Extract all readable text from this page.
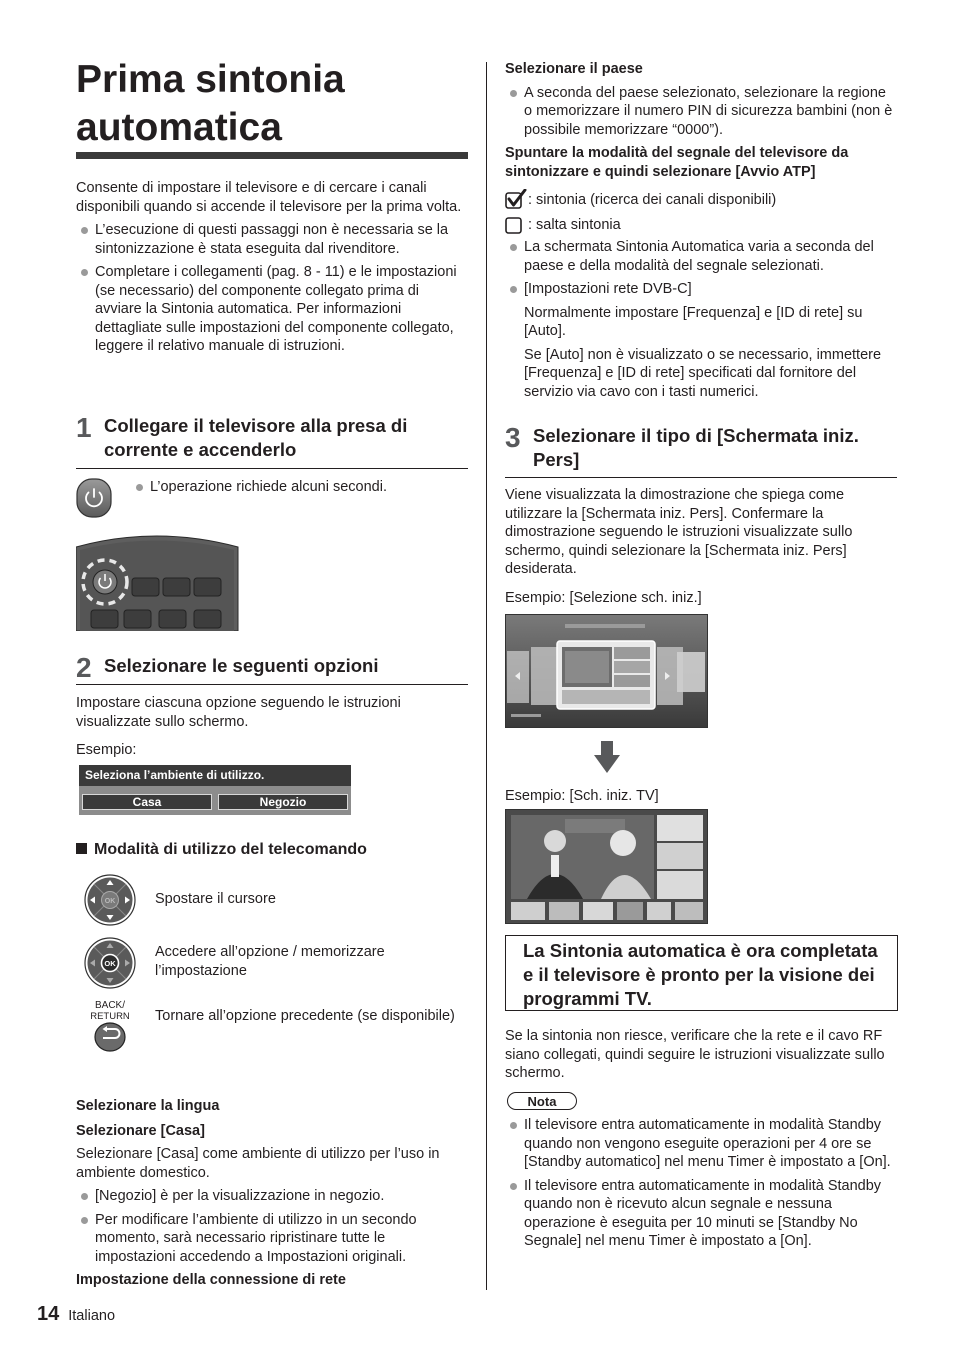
Prima sintonia
automatica

Consente di impostare il televisore e di cercare i canali disponibili quando si accende il televisore per la prima volta.

L’esecuzione di questi passaggi non è necessaria se la sintonizzazione è stata eseguita dal rivenditore.
Completare i collegamenti (pag. 8 - 11) e le impostazioni (se necessario) del componente collegato prima di avviare la Sintonia automatica. Per informazioni dettagliate sulle impostazioni del componente collegato, leggere il relativo manuale di istruzioni.
1 Collegare il televisore alla presa di corrente e accenderlo
L’operazione richiede alcuni secondi.
2 Selezionare le seguenti opzioni

Impostare ciascuna opzione seguendo le istruzioni visualizzate sullo schermo.

Esempio:

Seleziona l’ambiente di utilizzo.
Casa	Negozio
Modalità di utilizzo del telecomando
OK	Spostare il cursore
OK
Accedere all’opzione / memorizzare l’impostazione
BACK/
RETURN Tornare all’opzione precedente (se disponibile)

Selezionare la lingua

Selezionare [Casa]

Selezionare [Casa] come ambiente di utilizzo per l’uso in ambiente domestico.

[Negozio] è per la visualizzazione in negozio.
Per modificare l’ambiente di utilizzo in un secondo momento, sarà necessario ripristinare tutte le impostazioni accedendo a Impostazioni originali.

Impostazione della connessione di rete

Selezionare il paese

A seconda del paese selezionato, selezionare la regione o memorizzare il numero PIN di sicurezza bambini (non è possibile memorizzare “0000”).

Spuntare la modalità del segnale del televisore da sintonizzare e quindi selezionare [Avvio ATP]

: sintonia (ricerca dei canali disponibili)
: salta sintonia
La schermata Sintonia Automatica varia a seconda del paese e della modalità del segnale selezionati.
[Impostazioni rete DVB-C]

Normalmente impostare [Frequenza] e [ID di rete] su [Auto].

Se [Auto] non è visualizzato o se necessario, immettere [Frequenza] e [ID di rete] specificati dal fornitore del servizio via cavo con i tasti numerici.

3 Selezionare il tipo di [Schermata iniz. Pers]

Viene visualizzata la dimostrazione che spiega come utilizzare la [Schermata iniz. Pers]. Confermare la dimostrazione seguendo le istruzioni visualizzate sullo schermo, quindi selezionare la [Schermata iniz. Pers] desiderata.

Esempio: [Selezione sch. iniz.]

Esempio: [Sch. iniz. TV]
La Sintonia automatica è ora completata e il televisore è pronto per la visione dei programmi TV.

Se la sintonia non riesce, verificare che la rete e il cavo RF siano collegati, quindi seguire le istruzioni visualizzate sullo schermo.

Nota
Il televisore entra automaticamente in modalità Standby quando non vengono eseguite operazioni per 4 ore se [Standby automatico] nel menu Timer è impostato a [On].
Il televisore entra automaticamente in modalità Standby quando non è ricevuto alcun segnale e nessuna operazione è eseguita per 10 minuti se [Standby No Segnale] nel menu Timer è impostato a [On].
14 Italiano
